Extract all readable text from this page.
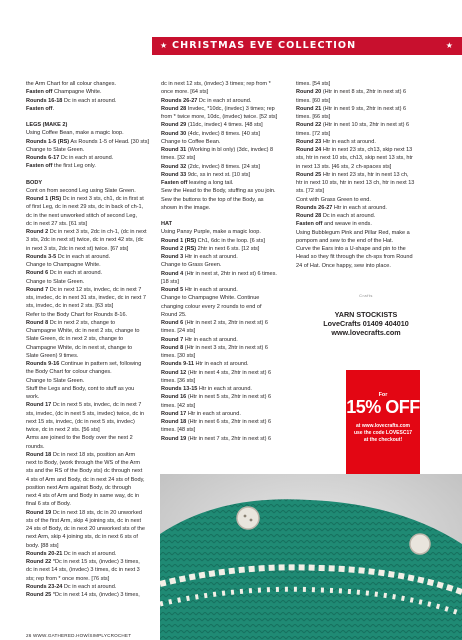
★ CHRISTMAS EVE COLLECTION	★

the Arm Chart for all colour changes.

Fasten off Champagne White.

Rounds 16-18 Dc in each st around.

Fasten off.

LEGS (MAKE 2)

Using Coffee Bean, make a magic loop.

Rounds 1-5 (RS) As Rounds 1-5 of Head. [30 sts]

Change to Slate Green.

Rounds 6-17 Dc in each st around.

Fasten off the first Leg only.

BODY

Cont on from second Leg using Slate Green.

Round 1 (RS) Dc in next 3 sts, ch1, dc in first st

of first Leg, dc in next 29 sts, dc in back of ch-1,

dc in the next unworked stitch of second Leg,

dc in next 27 sts. [61 sts]

Round 2 Dc in next 3 sts, 2dc in ch-1, (dc in next

3 sts, 2dc in next st) twice, dc in next 42 sts, (dc

in next 3 sts, 2dc in next st) twice. [67 sts]

Rounds 3-5 Dc in each st around.

Change to Champagne White.

Round 6 Dc in each st around.

Change to Slate Green.

Round 7 Dc in next 12 sts, invdec, dc in next 7

sts, invdec, dc in next 31 sts, invdec, dc in next 7

sts, invdec, dc in next 2 sts. [63 sts]

Refer to the Body Chart for Rounds 8-16.

Round 8 Dc in next 2 sts, change to

Champagne White, dc in next 2 sts, change to

Slate Green, dc in next 2 sts, change to

Champagne White, dc in next st, change to

Slate Green) 9 times.

Rounds 9-16 Continue in pattern set, following

the Body Chart for colour changes.

Change to Slate Green.

Stuff the Legs and Body, cont to stuff as you

work.

Round 17 Dc in next 5 sts, invdec, dc in next 7

sts, invdec, (dc in next 5 sts, invdec) twice, dc in

next 15 sts, invdec, (dc in next 5 sts, invdec)

twice, dc in next 2 sts. [56 sts]

Arms are joined to the Body over the next 2

rounds.

Round 18 Dc in next 18 sts, position an Arm

next to Body, (work through the WS of the Arm

sts and the RS of the Body sts) dc through next

4 sts of Arm and Body, dc in next 24 sts of Body,

position next Arm against Body, dc through

next 4 sts of Arm and Body in same way, dc in

final 6 sts of Body.

Round 19 Dc in next 18 sts, dc in 20 unworked

sts of the first Arm, skip 4 joining sts, dc in next

24 sts of Body, dc in next 20 unworked sts of the

next Arm, skip 4 joining sts, dc in next 6 sts of

body. [88 sts]

Rounds 20-21 Dc in each st around.

Round 22 *Dc in next 15 sts, (invdec) 3 times,

dc in next 14 sts, (invdec) 3 times, dc in next 3

sts; rep from * once more. [76 sts]

Rounds 23-24 Dc in each st around.

Round 25 *Dc in next 14 sts, (invdec) 3 times,

dc in next 12 sts, (invdec) 3 times; rep from *

once more. [64 sts]

Rounds 26-27 Dc in each st around.

Round 28 Invdec, *10dc, (invdec) 3 times; rep

from * twice more, 10dc, (invdec) twice. [52 sts]

Round 29 (11dc, invdec) 4 times. [48 sts]

Round 30 (4dc, invdec) 8 times. [40 sts]

Change to Coffee Bean.

Round 31 (Working in bl only) (3dc, invdec) 8

times. [32 sts]

Round 32 (2dc, invdec) 8 times. [24 sts]

Round 33 9dc, ss in next st. [10 sts]

Fasten off leaving a long tail.

Sew the Head to the Body, stuffing as you join.

Sew the buttons to the top of the Body, as

shown in the image.

HAT

Using Pansy Purple, make a magic loop.

Round 1 (RS) Ch1, 6dc in the loop. [6 sts]

Round 2 (RS) 2htr in next 6 sts. [12 sts]

Round 3 Htr in each st around.

Change to Grass Green.

Round 4 (Htr in next st, 2htr in next st) 6 times.

[18 sts]

Round 5 Htr in each st around.

Change to Champagne White. Continue

changing colour every 2 rounds to end of

Round 25.

Round 6 (Htr in next 2 sts, 2htr in next st) 6

times. [24 sts]

Round 7 Htr in each st around.

Round 8 (Htr in next 3 sts, 2htr in next st) 6

times. [30 sts]

Rounds 9-11 Htr in each st around.

Round 12 (Htr in next 4 sts, 2htr in next st) 6

times. [36 sts]

Rounds 13-15 Htr in each st around.

Round 16 (Htr in next 5 sts, 2htr in next st) 6

times. [42 sts]

Round 17 Htr in each st around.

Round 18 (Htr in next 6 sts, 2htr in next st) 6

times. [48 sts]

Round 19 (Htr in next 7 sts, 2htr in next st) 6

times. [54 sts]

Round 20 (Htr in next 8 sts, 2htr in next st) 6

times. [60 sts]

Round 21 (Htr in next 9 sts, 2htr in next st) 6

times. [66 sts]

Round 22 (Htr in next 10 sts, 2htr in next st) 6

times. [72 sts]

Round 23 Htr in each st around.

Round 24 Htr in next 23 sts, ch13, skip next 13

sts, htr in next 10 sts, ch13, skip next 13 sts, htr

in next 13 sts. [46 sts, 2 ch-spaces sts]

Round 25 Htr in next 23 sts, htr in next 13 ch,

htr in next 10 sts, htr in next 13 ch, htr in next 13

sts. [72 sts]

Cont with Grass Green to end.

Rounds 26-27 Htr in each st around.

Round 28 Dc in each st around.

Fasten off and weave in ends.

Using Bubblegum Pink and Pillar Red, make a

pompom and sew to the end of the Hat.

Curve the Ears into a U-shape and pin to the

Head so they fit through the ch-sps from Round

24 of Hat. Once happy, sew into place.

Crafts
YARN STOCKISTS
LoveCrafts 01409 404010
www.lovecrafts.com
For
15% OFF
at www.lovecrafts.com
use the code LOVESC17
at the checkout!
26 WWW.GATHERED.HOW/SIMPLYCROCHET
